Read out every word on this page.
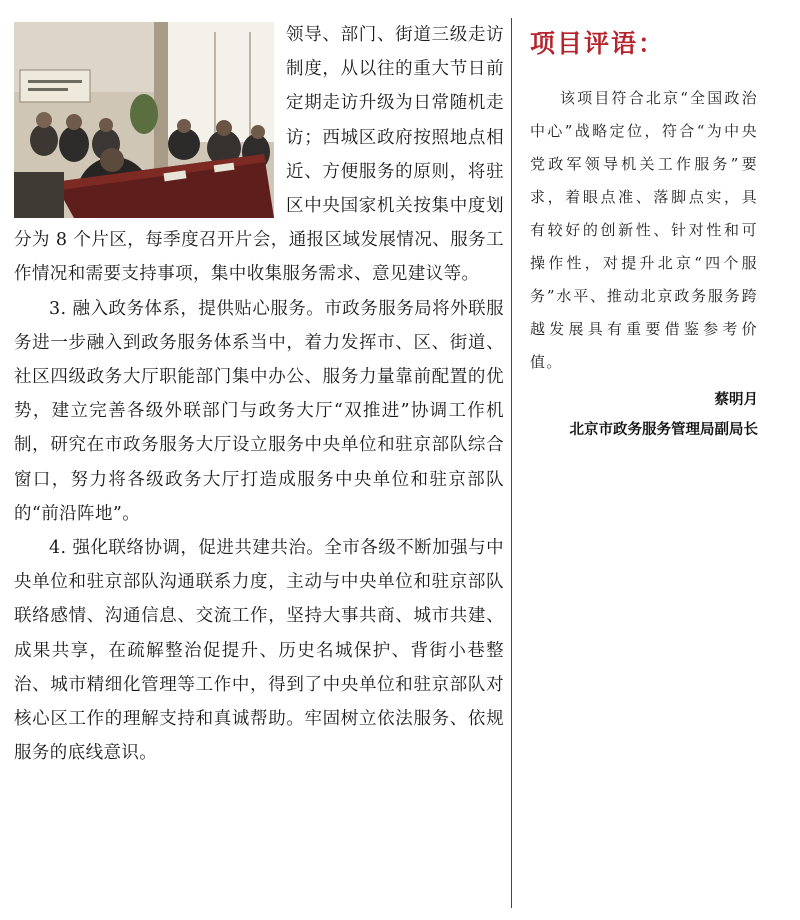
领导、部门、街道三级走访制度，从以往的重大节日前定期走访升级为日常随机走访；西城区政府按照地点相近、方便服务的原则，将驻区中央国家机关按集中度划分为 8 个片区，每季度召开片会，通报区域发展情况、服务工作情况和需要支持事项，集中收集服务需求、意见建议等。

3. 融入政务体系，提供贴心服务。市政务服务局将外联服务进一步融入到政务服务体系当中，着力发挥市、区、街道、社区四级政务大厅职能部门集中办公、服务力量靠前配置的优势，建立完善各级外联部门与政务大厅“双推进”协调工作机制，研究在市政务服务大厅设立服务中央单位和驻京部队综合窗口，努力将各级政务大厅打造成服务中央单位和驻京部队的“前沿阵地”。

4. 强化联络协调，促进共建共治。全市各级不断加强与中央单位和驻京部队沟通联系力度，主动与中央单位和驻京部队联络感情、沟通信息、交流工作，坚持大事共商、城市共建、成果共享，在疏解整治促提升、历史名城保护、背街小巷整治、城市精细化管理等工作中，得到了中央单位和驻京部队对核心区工作的理解支持和真诚帮助。牢固树立依法服务、依规服务的底线意识。

项目评语：

该项目符合北京“全国政治中心”战略定位，符合“为中央党政军领导机关工作服务”要求，着眼点准、落脚点实，具有较好的创新性、针对性和可操作性，对提升北京“四个服务”水平、推动北京政务服务跨越发展具有重要借鉴参考价值。

蔡明月
北京市政务服务管理局副局长
